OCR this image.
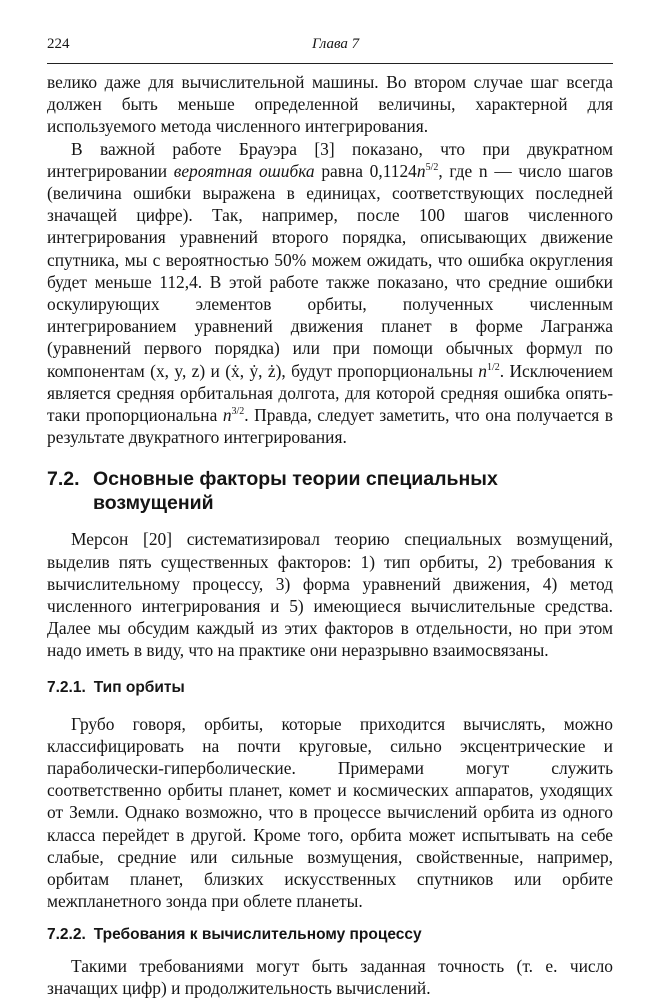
224	Глава 7

велико даже для вычислительной машины. Во втором случае шаг всегда должен быть меньше определенной величины, характерной для используемого метода численного интегрирования.

В важной работе Брауэра [3] показано, что при двукратном интегрировании вероятная ошибка равна $0,1124n^{5/2}$, где n — число шагов (величина ошибки выражена в единицах, соответствующих последней значащей цифре). Так, например, после 100 шагов численного интегрирования уравнений второго порядка, описывающих движение спутника, мы с вероятностью 50% можем ожидать, что ошибка округления будет меньше 112,4. В этой работе также показано, что средние ошибки оскулирующих элементов орбиты, полученных численным интегрированием уравнений движения планет в форме Лагранжа (уравнений первого порядка) или при помощи обычных формул по компонентам (x, y, z) и (ẋ, ẏ, ż), будут пропорциональны $n^{1/2}$. Исключением является средняя орбитальная долгота, для которой средняя ошибка опять-таки пропорциональна $n^{3/2}$. Правда, следует заметить, что она получается в результате двукратного интегрирования.

7.2. Основные факторы теории специальных возмущений

Мерсон [20] систематизировал теорию специальных возмущений, выделив пять существенных факторов: 1) тип орбиты, 2) требования к вычислительному процессу, 3) форма уравнений движения, 4) метод численного интегрирования и 5) имеющиеся вычислительные средства. Далее мы обсудим каждый из этих факторов в отдельности, но при этом надо иметь в виду, что на практике они неразрывно взаимосвязаны.

7.2.1. Тип орбиты

Грубо говоря, орбиты, которые приходится вычислять, можно классифицировать на почти круговые, сильно эксцентрические и параболически-гиперболические. Примерами могут служить соответственно орбиты планет, комет и космических аппаратов, уходящих от Земли. Однако возможно, что в процессе вычислений орбита из одного класса перейдет в другой. Кроме того, орбита может испытывать на себе слабые, средние или сильные возмущения, свойственные, например, орбитам планет, близких искусственных спутников или орбите межпланетного зонда при облете планеты.

7.2.2. Требования к вычислительному процессу

Такими требованиями могут быть заданная точность (т. е. число значащих цифр) и продолжительность вычислений.
